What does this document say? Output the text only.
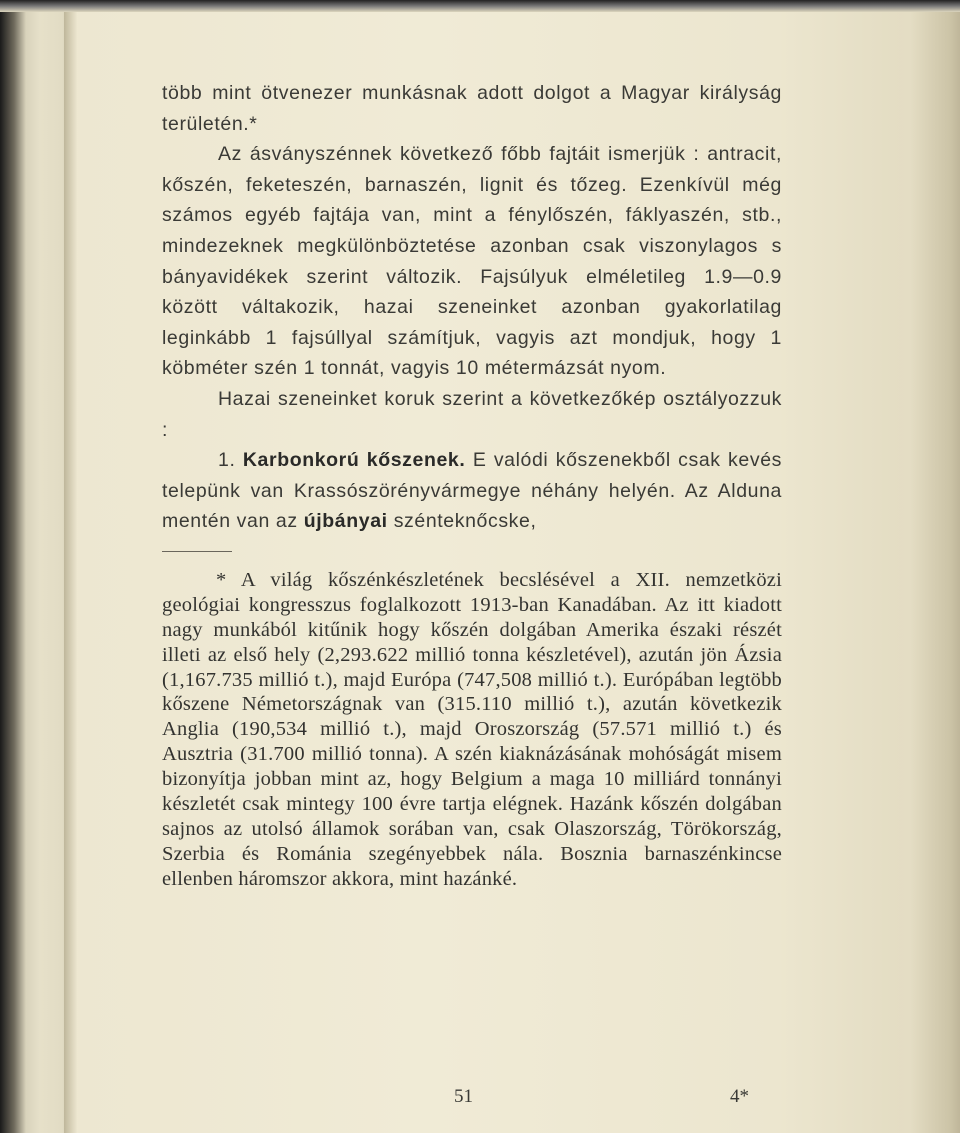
több mint ötvenezer munkásnak adott dolgot a Magyar királyság területén.*

Az ásványszénnek következő főbb fajtáit ismerjük : antracit, kőszén, feketeszén, barnaszén, lignit és tőzeg. Ezenkívül még számos egyéb fajtája van, mint a fénylőszén, fáklyaszén, stb., mindezeknek megkülönböztetése azonban csak viszonylagos s bányavidékek szerint változik. Fajsúlyuk elméletileg 1.9—0.9 között váltakozik, hazai szeneinket azonban gyakorlatilag leginkább 1 fajsúllyal számítjuk, vagyis azt mondjuk, hogy 1 köbméter szén 1 tonnát, vagyis 10 métermázsát nyom.

Hazai szeneinket koruk szerint a következőkép osztályozzuk :

1. Karbonkorú kőszenek. E valódi kőszenekből csak kevés telepünk van Krassószörényvármegye néhány helyén. Az Alduna mentén van az újbányai szénteknőcske,

* A világ kőszénkészletének becslésével a XII. nemzetközi geológiai kongresszus foglalkozott 1913-ban Kanadában. Az itt kiadott nagy munkából kitűnik hogy kőszén dolgában Amerika északi részét illeti az első hely (2,293.622 millió tonna készletével), azután jön Ázsia (1,167.735 millió t.), majd Európa (747,508 millió t.). Európában legtöbb kőszene Németországnak van (315.110 millió t.), azután következik Anglia (190,534 millió t.), majd Oroszország (57.571 millió t.) és Ausztria (31.700 millió tonna). A szén kiaknázásának mohóságát misem bizonyítja jobban mint az, hogy Belgium a maga 10 milliárd tonnányi készletét csak mintegy 100 évre tartja elégnek. Hazánk kőszén dolgában sajnos az utolsó államok sorában van, csak Olaszország, Törökország, Szerbia és Románia szegényebbek nála. Bosznia barnaszénkincse ellenben háromszor akkora, mint hazánké.

51	4*
